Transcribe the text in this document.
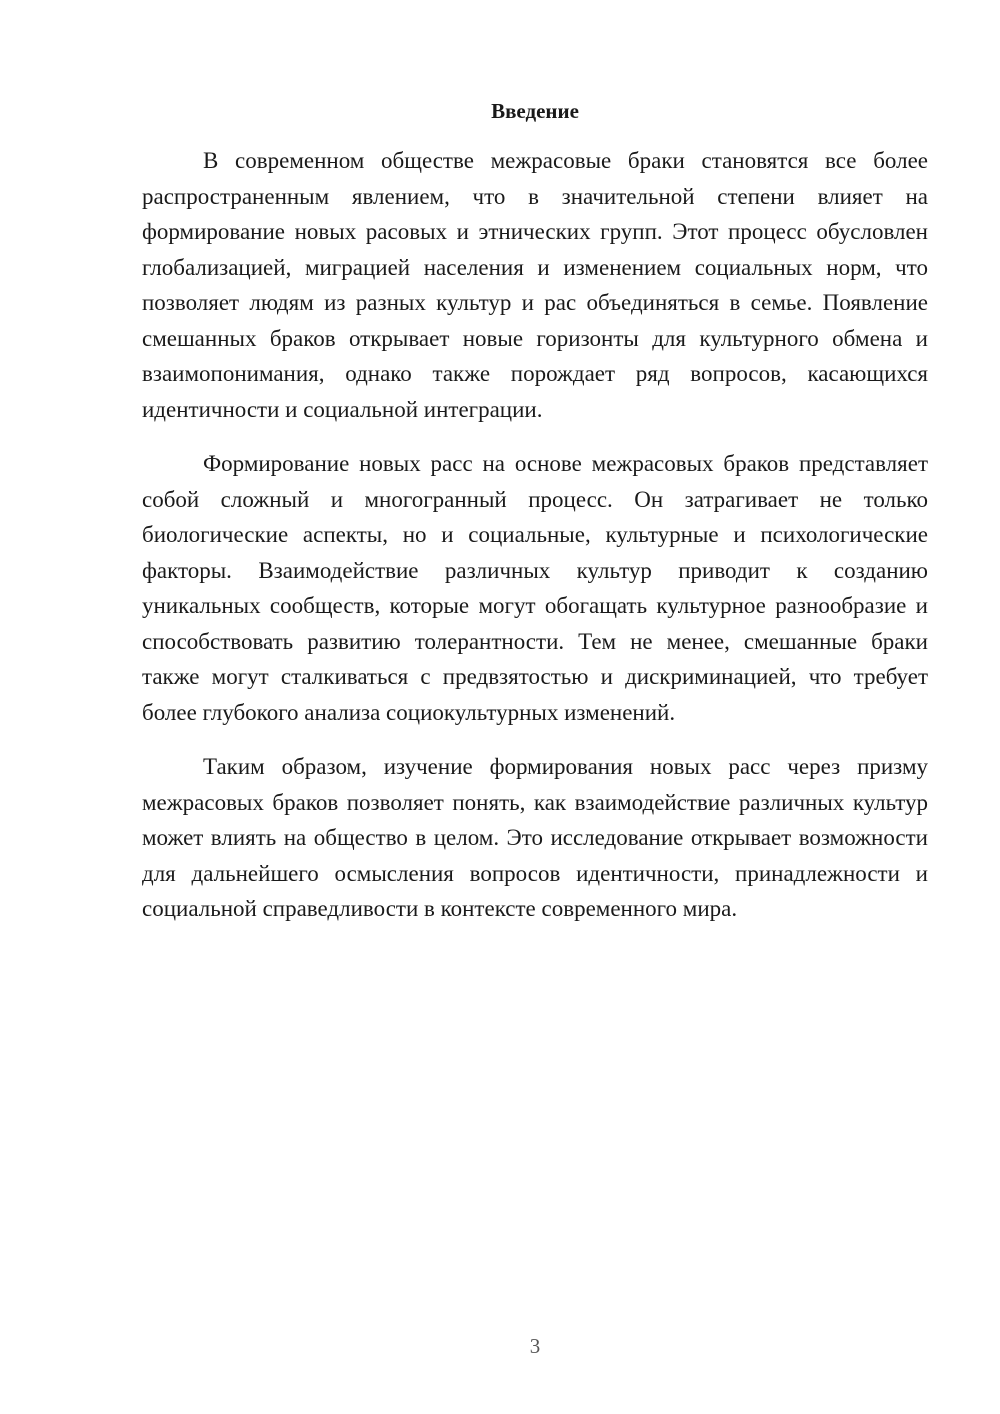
Введение

В современном обществе межрасовые браки становятся все более распространенным явлением, что в значительной степени влияет на формирование новых расовых и этнических групп. Этот процесс обусловлен глобализацией, миграцией населения и изменением социальных норм, что позволяет людям из разных культур и рас объединяться в семье. Появление смешанных браков открывает новые горизонты для культурного обмена и взаимопонимания, однако также порождает ряд вопросов, касающихся идентичности и социальной интеграции.

Формирование новых расс на основе межрасовых браков представляет собой сложный и многогранный процесс. Он затрагивает не только биологические аспекты, но и социальные, культурные и психологические факторы. Взаимодействие различных культур приводит к созданию уникальных сообществ, которые могут обогащать культурное разнообразие и способствовать развитию толерантности. Тем не менее, смешанные браки также могут сталкиваться с предвзятостью и дискриминацией, что требует более глубокого анализа социокультурных изменений.

Таким образом, изучение формирования новых расс через призму межрасовых браков позволяет понять, как взаимодействие различных культур может влиять на общество в целом. Это исследование открывает возможности для дальнейшего осмысления вопросов идентичности, принадлежности и социальной справедливости в контексте современного мира.

3
